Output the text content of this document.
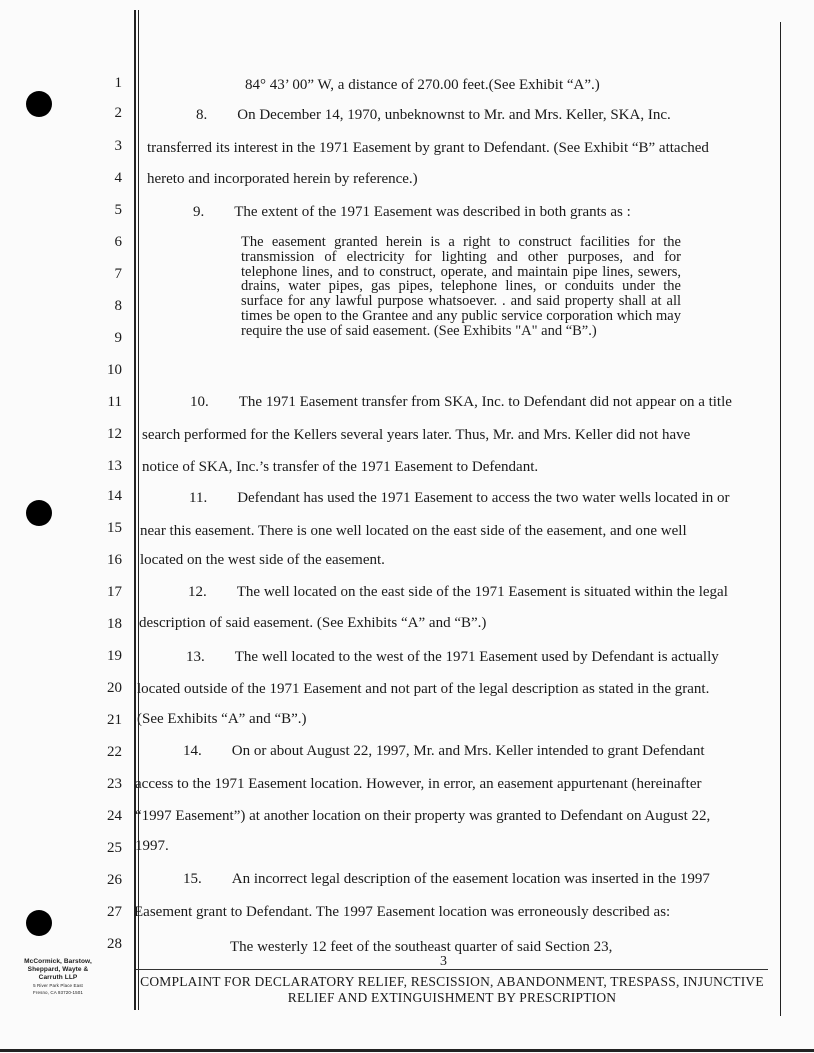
1
2
3
4
5
6
7
8
9
10
11
12
13
14
15
16
17
18
19
20
21
22
23
24
25
26
27
28
84° 43’ 00” W, a distance of 270.00 feet.(See Exhibit “A”.)
8.  On December 14, 1970, unbeknownst to Mr. and Mrs. Keller, SKA, Inc.
transferred its interest in the 1971 Easement by grant to Defendant. (See Exhibit “B” attached
hereto and incorporated herein by reference.)
9.  The extent of the 1971 Easement was described in both grants as :
The easement granted herein is a right to construct facilities for the transmission of electricity for lighting and other purposes, and for telephone lines, and to construct, operate, and maintain pipe lines, sewers, drains, water pipes, gas pipes, telephone lines, or conduits under the surface for any lawful purpose whatsoever. . and said property shall at all times be open to the Grantee and any public service corporation which may require the use of said easement. (See Exhibits "A" and “B”.)
10.  The 1971 Easement transfer from SKA, Inc. to Defendant did not appear on a title
search performed for the Kellers several years later. Thus, Mr. and Mrs. Keller did not have
notice of SKA, Inc.’s transfer of the 1971 Easement to Defendant.
11.  Defendant has used the 1971 Easement to access the two water wells located in or
near this easement. There is one well located on the east side of the easement, and one well
located on the west side of the easement.
12.  The well located on the east side of the 1971 Easement is situated within the legal
description of said easement. (See Exhibits “A” and “B”.)
13.  The well located to the west of the 1971 Easement used by Defendant is actually
located outside of the 1971 Easement and not part of the legal description as stated in the grant.
(See Exhibits “A” and “B”.)
14.  On or about August 22, 1997, Mr. and Mrs. Keller intended to grant Defendant
access to the 1971 Easement location. However, in error, an easement appurtenant (hereinafter
“1997 Easement”) at another location on their property was granted to Defendant on August 22,
1997.
15.  An incorrect legal description of the easement location was inserted in the 1997
Easement grant to Defendant. The 1997 Easement location was erroneously described as:
The westerly 12 feet of the southeast quarter of said Section 23,
McCormick, Barstow,
Sheppard, Wayte &
Carruth LLP
5 River Park Place East
Fresno, CA 93720-1501
3
COMPLAINT FOR DECLARATORY RELIEF, RESCISSION, ABANDONMENT, TRESPASS, INJUNCTIVE
RELIEF AND EXTINGUISHMENT BY PRESCRIPTION
